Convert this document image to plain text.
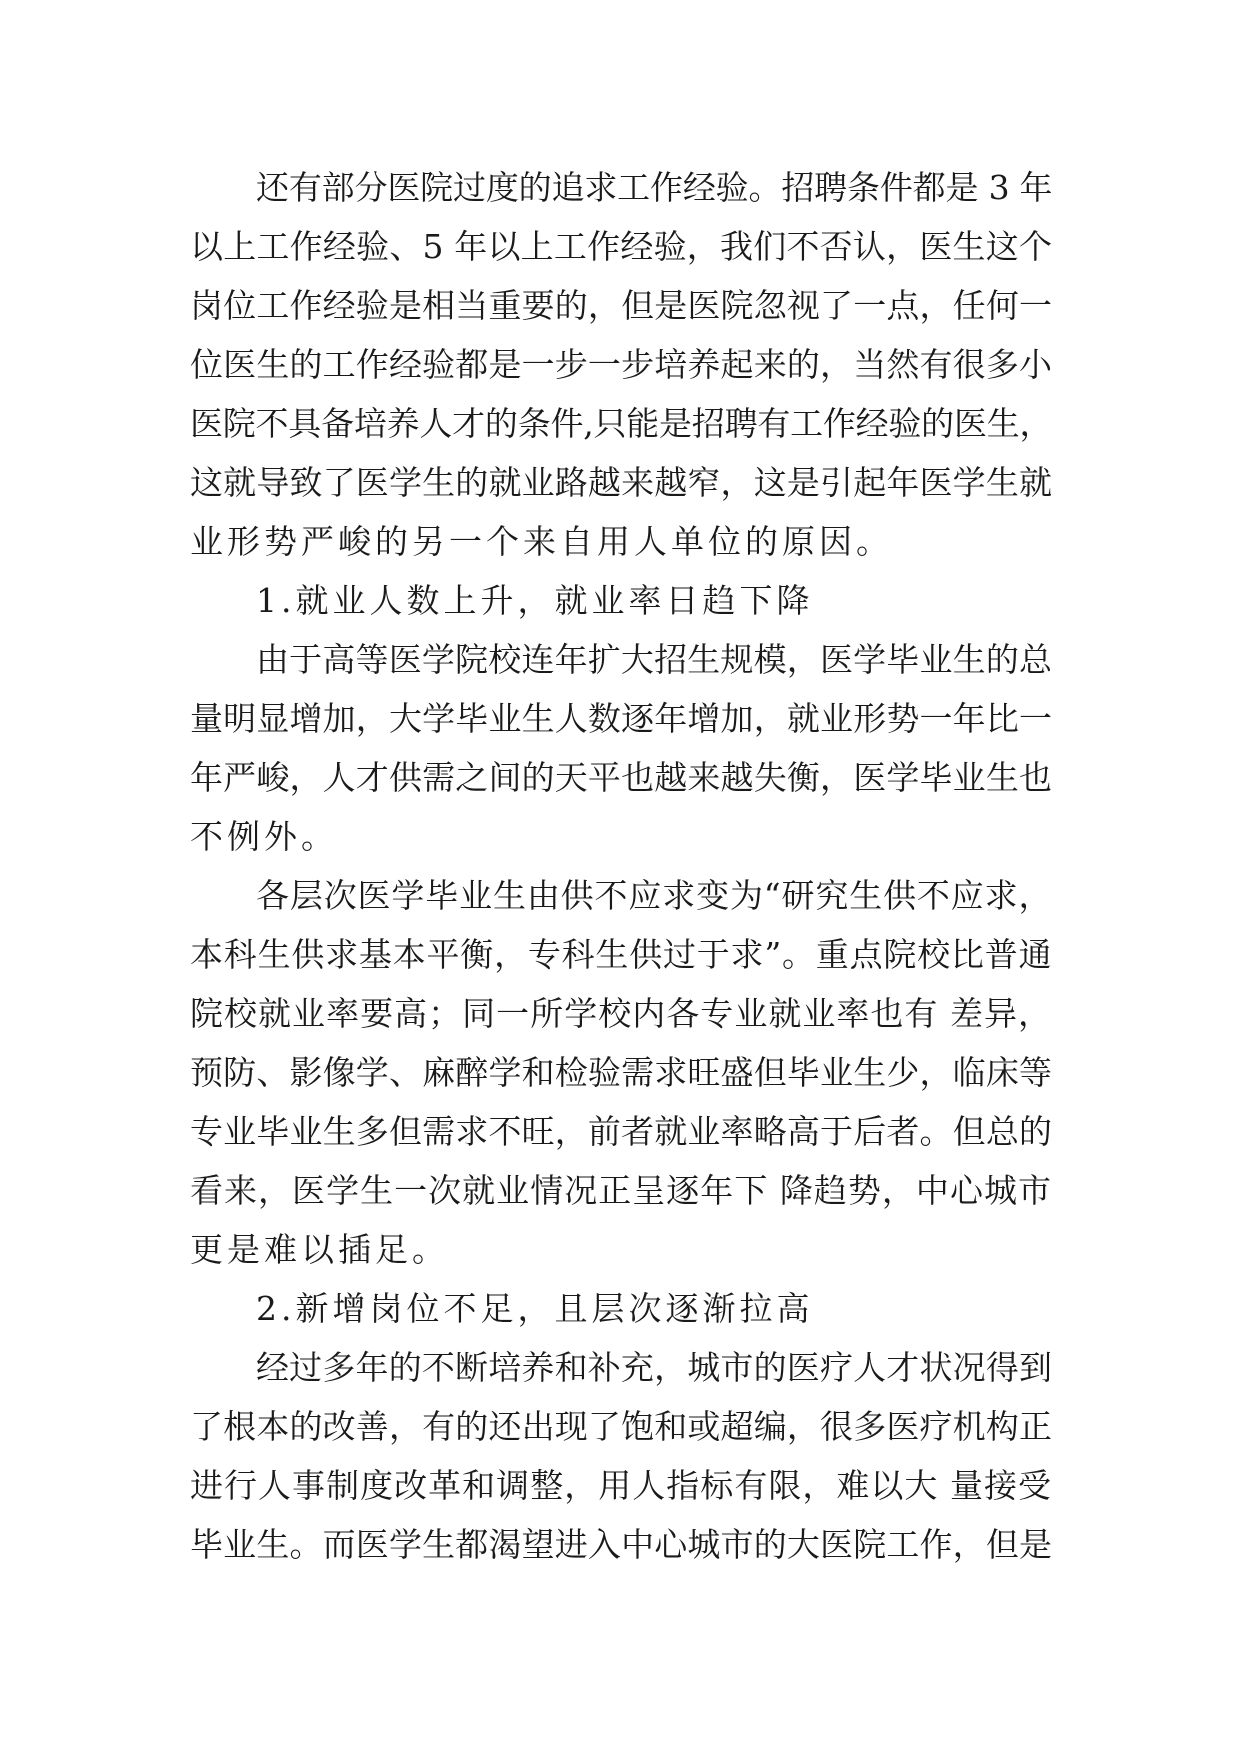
还有部分医院过度的追求工作经验。招聘条件都是 3 年
以上工作经验、5 年以上工作经验，我们不否认，医生这个
岗位工作经验是相当重要的，但是医院忽视了一点，任何一
位医生的工作经验都是一步一步培养起来的，当然有很多小
医院不具备培养人才的条件,只能是招聘有工作经验的医生，
这就导致了医学生的就业路越来越窄，这是引起年医学生就
业形势严峻的另一个来自用人单位的原因。
1.就业人数上升，就业率日趋下降
由于高等医学院校连年扩大招生规模，医学毕业生的总
量明显增加，大学毕业生人数逐年增加，就业形势一年比一
年严峻，人才供需之间的天平也越来越失衡，医学毕业生也
不例外。
各层次医学毕业生由供不应求变为“研究生供不应求，
本科生供求基本平衡，专科生供过于求”。重点院校比普通
院校就业率要高；同一所学校内各专业就业率也有 差异，
预防、影像学、麻醉学和检验需求旺盛但毕业生少，临床等
专业毕业生多但需求不旺，前者就业率略高于后者。但总的
看来，医学生一次就业情况正呈逐年下 降趋势，中心城市
更是难以插足。
2.新增岗位不足，且层次逐渐拉高
经过多年的不断培养和补充，城市的医疗人才状况得到
了根本的改善，有的还出现了饱和或超编，很多医疗机构正
进行人事制度改革和调整，用人指标有限，难以大 量接受
毕业生。而医学生都渴望进入中心城市的大医院工作，但是
